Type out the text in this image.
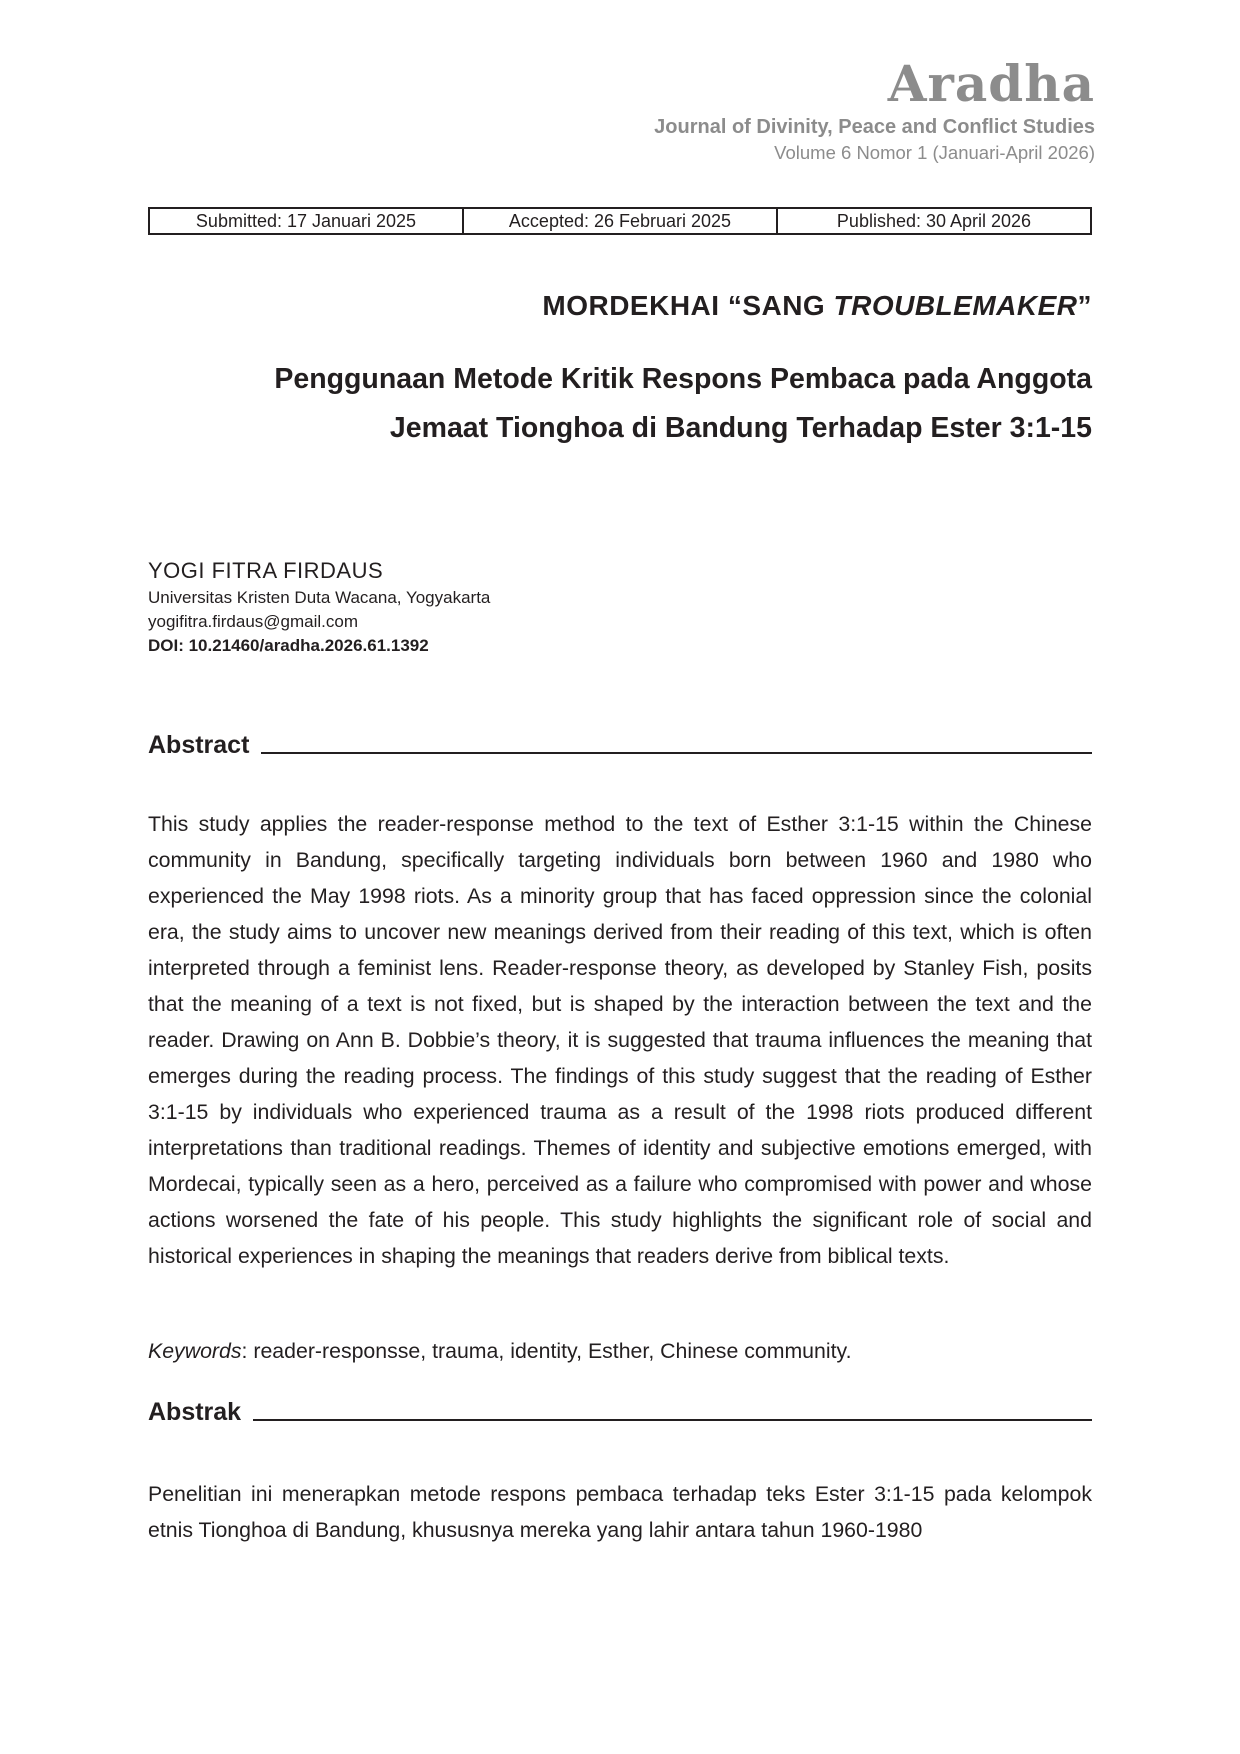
Aradha
Journal of Divinity, Peace and Conflict Studies
Volume 6 Nomor 1 (Januari-April 2026)
Submitted: 17 Januari 2025	Accepted: 26 Februari 2025	Published: 30 April 2026
MORDEKHAI “SANG TROUBLEMAKER”
Penggunaan Metode Kritik Respons Pembaca pada Anggota
Jemaat Tionghoa di Bandung Terhadap Ester 3:1-15
YOGI FITRA FIRDAUS
Universitas Kristen Duta Wacana, Yogyakarta
yogifitra.firdaus@gmail.com
DOI: 10.21460/aradha.2026.61.1392
Abstract

This study applies the reader-response method to the text of Esther 3:1-15 within the Chinese community in Bandung, specifically targeting individuals born between 1960 and 1980 who experienced the May 1998 riots. As a minority group that has faced oppression since the colonial era, the study aims to uncover new meanings derived from their reading of this text, which is often interpreted through a feminist lens. Reader-response theory, as developed by Stanley Fish, posits that the meaning of a text is not fixed, but is shaped by the interaction between the text and the reader. Drawing on Ann B. Dobbie’s theory, it is suggested that trauma influences the meaning that emerges during the reading process. The findings of this study suggest that the reading of Esther 3:1-15 by individuals who experienced trauma as a result of the 1998 riots produced different interpretations than traditional readings. Themes of identity and subjective emotions emerged, with Mordecai, typically seen as a hero, perceived as a failure who compromised with power and whose actions worsened the fate of his people. This study highlights the significant role of social and historical experiences in shaping the meanings that readers derive from biblical texts.

Keywords: reader-responsse, trauma, identity, Esther, Chinese community.
Abstrak

Penelitian ini menerapkan metode respons pembaca terhadap teks Ester 3:1-15 pada kelompok etnis Tionghoa di Bandung, khususnya mereka yang lahir antara tahun 1960-1980
